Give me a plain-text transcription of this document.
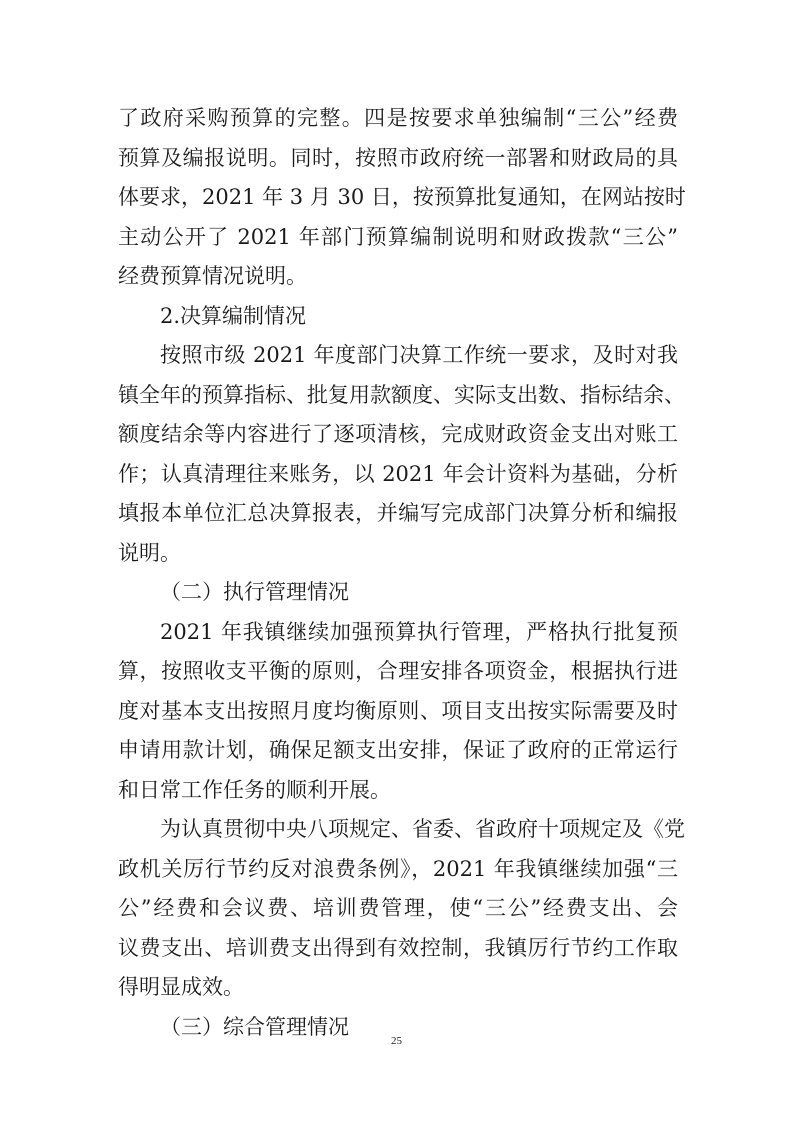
了政府采购预算的完整。四是按要求单独编制“三公”经费
预算及编报说明。同时，按照市政府统一部署和财政局的具
体要求，2021 年 3 月 30 日，按预算批复通知，在网站按时
主动公开了 2021 年部门预算编制说明和财政拨款“三公”
经费预算情况说明。
2.决算编制情况
按照市级 2021 年度部门决算工作统一要求，及时对我
镇全年的预算指标、批复用款额度、实际支出数、指标结余、
额度结余等内容进行了逐项清核，完成财政资金支出对账工
作；认真清理往来账务，以 2021 年会计资料为基础，分析
填报本单位汇总决算报表，并编写完成部门决算分析和编报
说明。
（二）执行管理情况
2021 年我镇继续加强预算执行管理，严格执行批复预
算，按照收支平衡的原则，合理安排各项资金，根据执行进
度对基本支出按照月度均衡原则、项目支出按实际需要及时
申请用款计划，确保足额支出安排，保证了政府的正常运行
和日常工作任务的顺利开展。
为认真贯彻中央八项规定、省委、省政府十项规定及《党
政机关厉行节约反对浪费条例》，2021 年我镇继续加强“三
公”经费和会议费、培训费管理，使“三公”经费支出、会
25
议费支出、培训费支出得到有效控制，我镇厉行节约工作取
得明显成效。
（三）综合管理情况
